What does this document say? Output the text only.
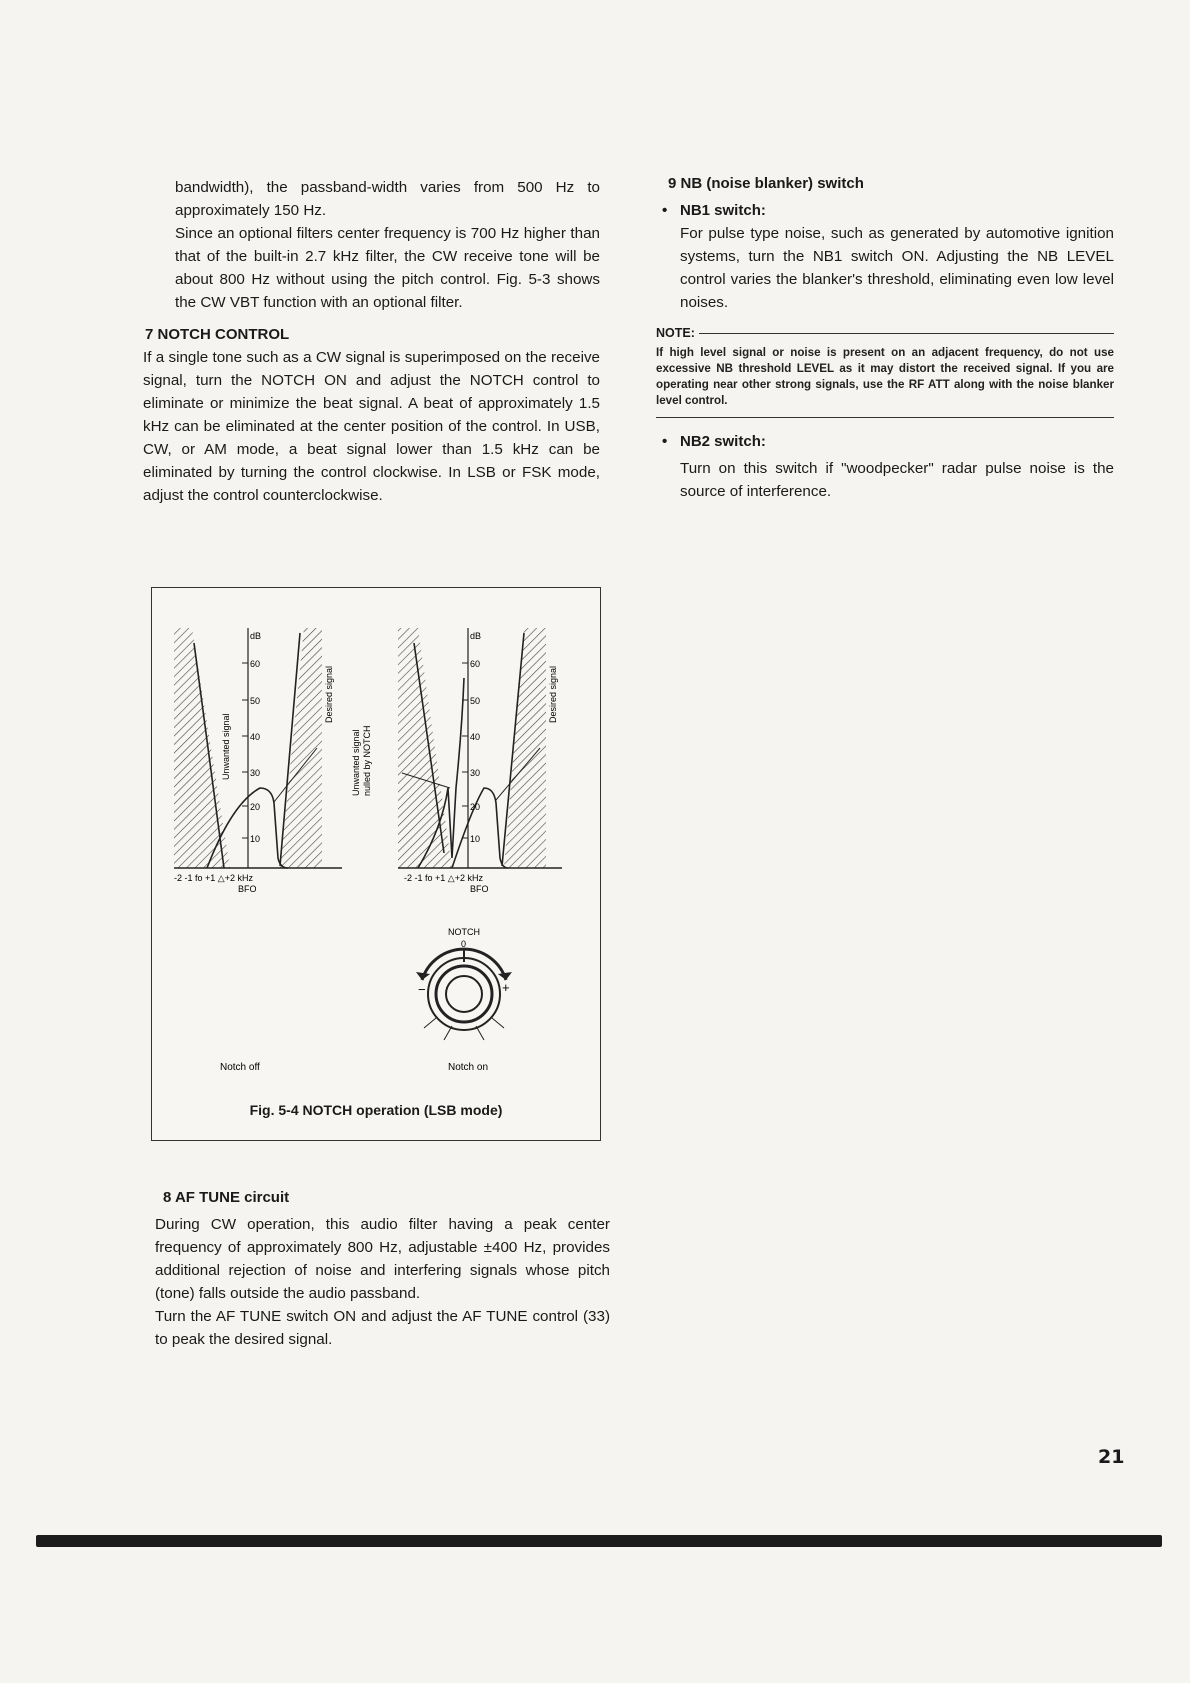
bandwidth), the passband-width varies from 500 Hz to approximately 150 Hz.

Since an optional filters center frequency is 700 Hz higher than that of the built-in 2.7 kHz filter, the CW receive tone will be about 800 Hz without using the pitch control. Fig. 5-3 shows the CW VBT function with an optional filter.

7 NOTCH CONTROL

If a single tone such as a CW signal is superimposed on the receive signal, turn the NOTCH ON and adjust the NOTCH control to eliminate or minimize the beat signal. A beat of approximately 1.5 kHz can be eliminated at the center position of the control. In USB, CW, or AM mode, a beat signal lower than 1.5 kHz can be eliminated by turning the control clockwise. In LSB or FSK mode, adjust the control counterclockwise.

dB
60
50
40
30
20
10
Unwanted signal
Desired signal
-2 -1 fo +1 △+2 kHz
BFO
Unwanted signal nulled by NOTCH
dB
60
50
40
30
20
10
Desired signal
-2 -1 fo +1 △+2 kHz
BFO
NOTCH
0
−	+
Notch off	Notch on
Fig. 5-4 NOTCH operation (LSB mode)

8 AF TUNE circuit

During CW operation, this audio filter having a peak center frequency of approximately 800 Hz, adjustable ±400 Hz, provides additional rejection of noise and interfering signals whose pitch (tone) falls outside the audio passband.

Turn the AF TUNE switch ON and adjust the AF TUNE control (33) to peak the desired signal.

9 NB (noise blanker) switch

• NB1 switch:

For pulse type noise, such as generated by automotive ignition systems, turn the NB1 switch ON. Adjusting the NB LEVEL control varies the blanker's threshold, eliminating even low level noises.

NOTE:

If high level signal or noise is present on an adjacent frequency, do not use excessive NB threshold LEVEL as it may distort the received signal. If you are operating near other strong signals, use the RF ATT along with the noise blanker level control.

• NB2 switch:

Turn on this switch if "woodpecker" radar pulse noise is the source of interference.

21
